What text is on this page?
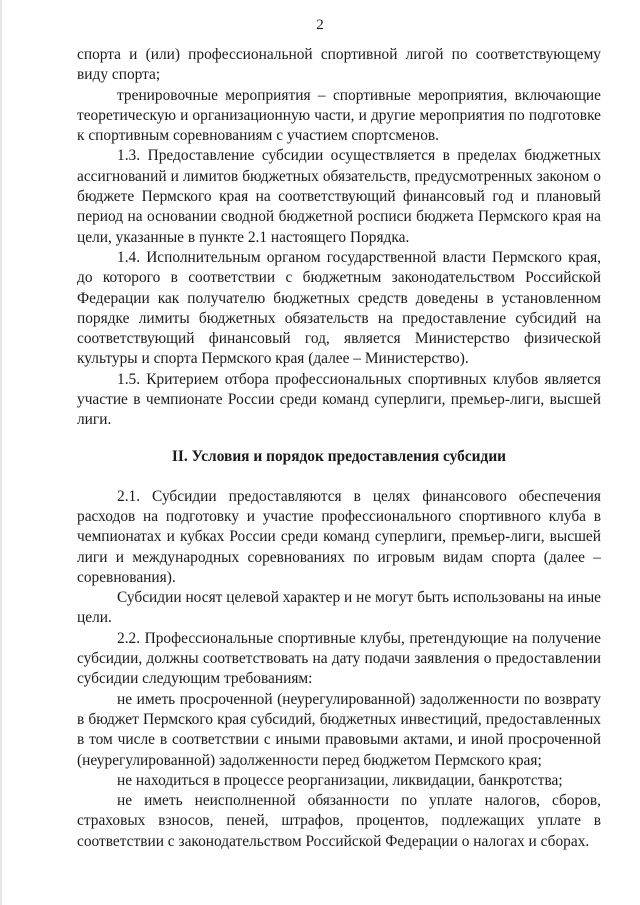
2

спорта и (или) профессиональной спортивной лигой по соответствующему виду спорта;

тренировочные мероприятия – спортивные мероприятия, включающие теоретическую и организационную части, и другие мероприятия по подготовке к спортивным соревнованиям с участием спортсменов.

1.3. Предоставление субсидии осуществляется в пределах бюджетных ассигнований и лимитов бюджетных обязательств, предусмотренных законом о бюджете Пермского края на соответствующий финансовый год и плановый период на основании сводной бюджетной росписи бюджета Пермского края на цели, указанные в пункте 2.1 настоящего Порядка.

1.4. Исполнительным органом государственной власти Пермского края, до которого в соответствии с бюджетным законодательством Российской Федерации как получателю бюджетных средств доведены в установленном порядке лимиты бюджетных обязательств на предоставление субсидий на соответствующий финансовый год, является Министерство физической культуры и спорта Пермского края (далее – Министерство).

1.5. Критерием отбора профессиональных спортивных клубов является участие в чемпионате России среди команд суперлиги, премьер-лиги, высшей лиги.

II. Условия и порядок предоставления субсидии

2.1. Субсидии предоставляются в целях финансового обеспечения расходов на подготовку и участие профессионального спортивного клуба в чемпионатах и кубках России среди команд суперлиги, премьер-лиги, высшей лиги и международных соревнованиях по игровым видам спорта (далее – соревнования).

Субсидии носят целевой характер и не могут быть использованы на иные цели.

2.2. Профессиональные спортивные клубы, претендующие на получение субсидии, должны соответствовать на дату подачи заявления о предоставлении субсидии следующим требованиям:

не иметь просроченной (неурегулированной) задолженности по возврату в бюджет Пермского края субсидий, бюджетных инвестиций, предоставленных в том числе в соответствии с иными правовыми актами, и иной просроченной (неурегулированной) задолженности перед бюджетом Пермского края;

не находиться в процессе реорганизации, ликвидации, банкротства;

не иметь неисполненной обязанности по уплате налогов, сборов, страховых взносов, пеней, штрафов, процентов, подлежащих уплате в соответствии с законодательством Российской Федерации о налогах и сборах.
